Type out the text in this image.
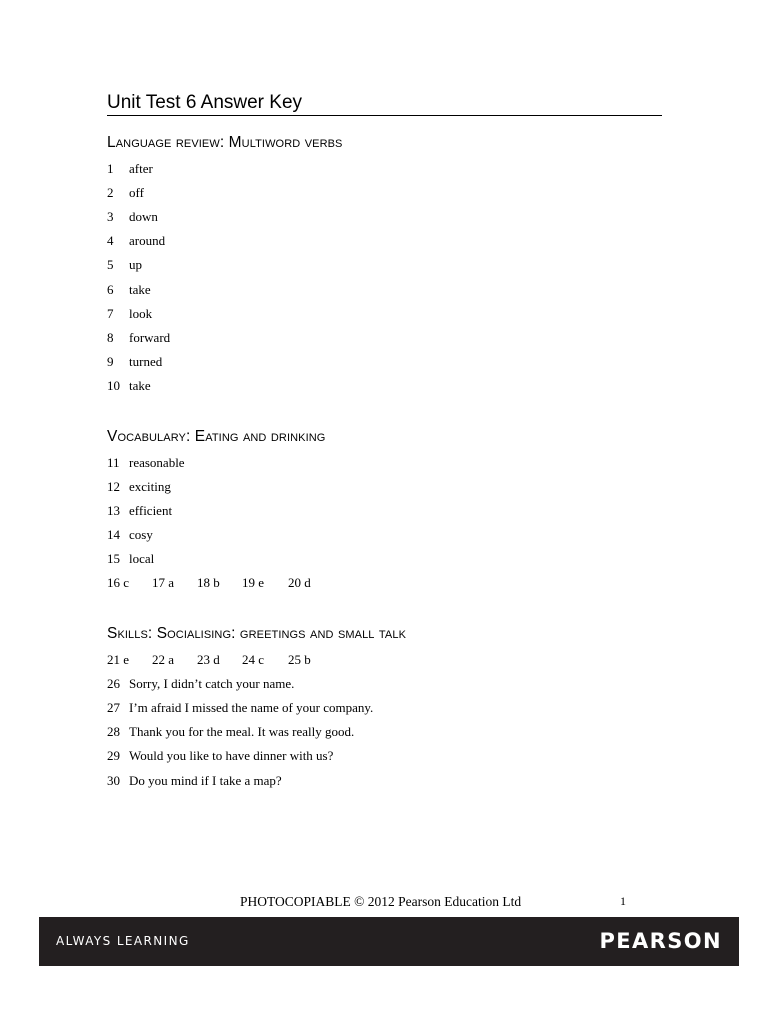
Unit Test 6 Answer Key
Language review: Multiword verbs
1 after
2 off
3 down
4 around
5 up
6 take
7 look
8 forward
9 turned
10 take
Vocabulary: Eating and drinking
11 reasonable
12 exciting
13 efficient
14 cosy
15 local
16 c 17 a 18 b 19 e 20 d
Skills: Socialising: greetings and small talk
21 e 22 a 23 d 24 c 25 b
26 Sorry, I didn’t catch your name.
27 I’m afraid I missed the name of your company.
28 Thank you for the meal. It was really good.
29 Would you like to have dinner with us?
30 Do you mind if I take a map?
PHOTOCOPIABLE © 2012 Pearson Education Ltd	1
ALWAYS LEARNING	PEARSON
